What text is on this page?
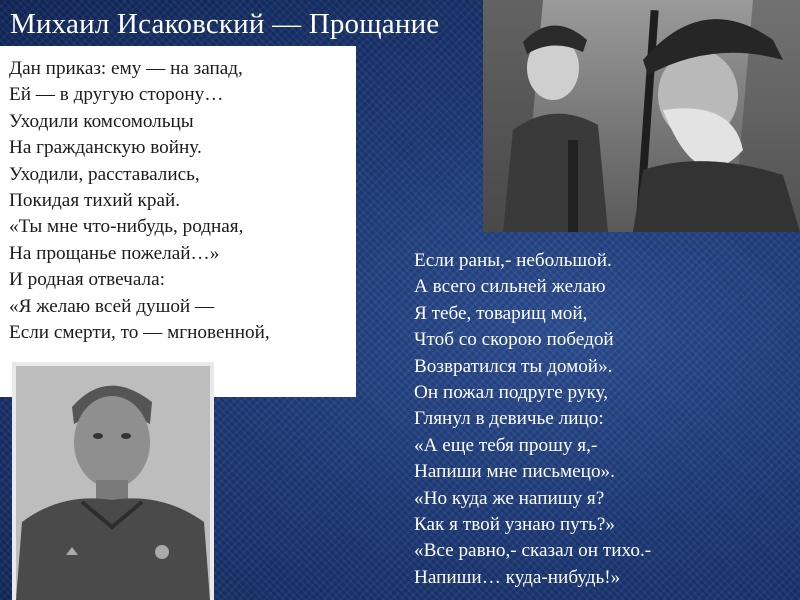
Михаил Исаковский — Прощание
Дан приказ: ему — на запад,
Ей — в другую сторону…
Уходили комсомольцы
На гражданскую войну.
Уходили, расставались,
Покидая тихий край.
«Ты мне что-нибудь, родная,
На прощанье пожелай…»
И родная отвечала:
«Я желаю всей душой —
Если смерти, то — мгновенной,
Если раны,- небольшой.
А всего сильней желаю
Я тебе, товарищ мой,
Чтоб со скорою победой
Возвратился ты домой».
Он пожал подруге руку,
Глянул в девичье лицо:
«А еще тебя прошу я,-
Напиши мне письмецо».
«Но куда же напишу я?
Как я твой узнаю путь?»
«Все равно,- сказал он тихо.-
Напиши… куда-нибудь!»
